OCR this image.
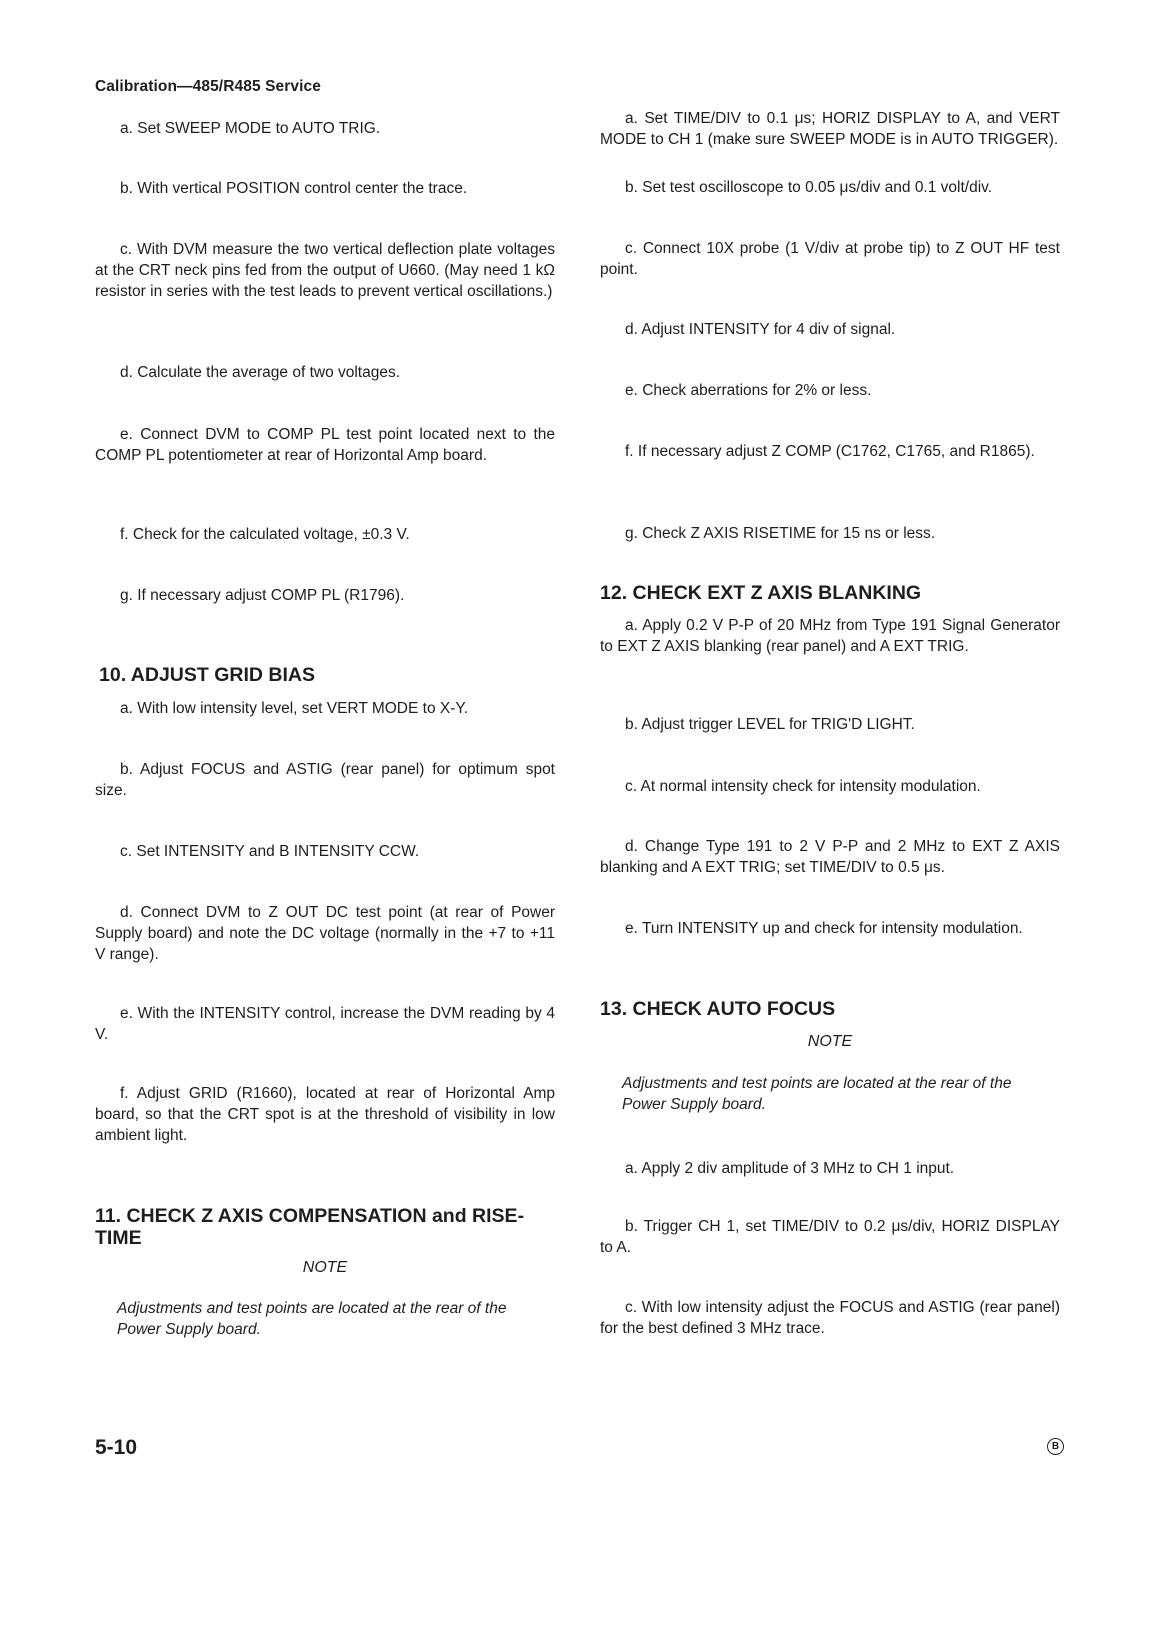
Calibration—485/R485 Service

a. Set SWEEP MODE to AUTO TRIG.

b. With vertical POSITION control center the trace.

c. With DVM measure the two vertical deflection plate voltages at the CRT neck pins fed from the output of U660. (May need 1 kΩ resistor in series with the test leads to prevent vertical oscillations.)

d. Calculate the average of two voltages.

e. Connect DVM to COMP PL test point located next to the COMP PL potentiometer at rear of Horizontal Amp board.

f. Check for the calculated voltage, ±0.3 V.

g. If necessary adjust COMP PL (R1796).

10. ADJUST GRID BIAS

a. With low intensity level, set VERT MODE to X-Y.

b. Adjust FOCUS and ASTIG (rear panel) for optimum spot size.

c. Set INTENSITY and B INTENSITY CCW.

d. Connect DVM to Z OUT DC test point (at rear of Power Supply board) and note the DC voltage (normally in the +7 to +11 V range).

e. With the INTENSITY control, increase the DVM reading by 4 V.

f. Adjust GRID (R1660), located at rear of Horizontal Amp board, so that the CRT spot is at the threshold of visibility in low ambient light.

11. CHECK Z AXIS COMPENSATION and RISE-TIME
NOTE
Adjustments and test points are located at the rear of the Power Supply board.

a. Set TIME/DIV to 0.1 μs; HORIZ DISPLAY to A, and VERT MODE to CH 1 (make sure SWEEP MODE is in AUTO TRIGGER).

b. Set test oscilloscope to 0.05 μs/div and 0.1 volt/div.

c. Connect 10X probe (1 V/div at probe tip) to Z OUT HF test point.

d. Adjust INTENSITY for 4 div of signal.

e. Check aberrations for 2% or less.

f. If necessary adjust Z COMP (C1762, C1765, and R1865).

g. Check Z AXIS RISETIME for 15 ns or less.

12. CHECK EXT Z AXIS BLANKING

a. Apply 0.2 V P-P of 20 MHz from Type 191 Signal Generator to EXT Z AXIS blanking (rear panel) and A EXT TRIG.

b. Adjust trigger LEVEL for TRIG'D LIGHT.

c. At normal intensity check for intensity modulation.

d. Change Type 191 to 2 V P-P and 2 MHz to EXT Z AXIS blanking and A EXT TRIG; set TIME/DIV to 0.5 μs.

e. Turn INTENSITY up and check for intensity modulation.

13. CHECK AUTO FOCUS
NOTE
Adjustments and test points are located at the rear of the Power Supply board.

a. Apply 2 div amplitude of 3 MHz to CH 1 input.

b. Trigger CH 1, set TIME/DIV to 0.2 μs/div, HORIZ DISPLAY to A.

c. With low intensity adjust the FOCUS and ASTIG (rear panel) for the best defined 3 MHz trace.

5-10	B
